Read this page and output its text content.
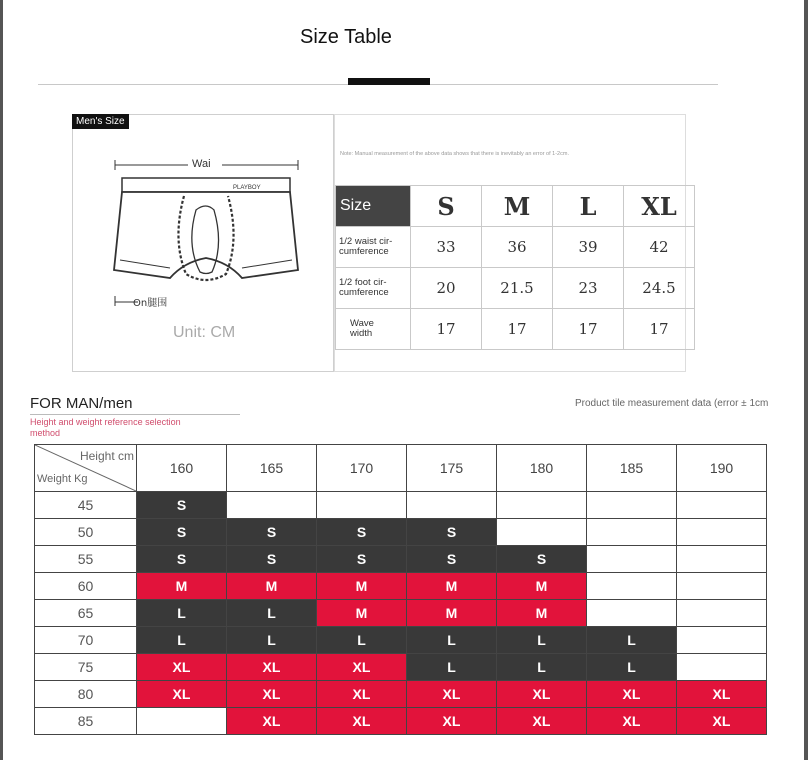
Size Table
Men's Size
Wai
PLAYBOY
On腿围
Unit: CM
Note: Manual measurement of the above data shows that there is inevitably an error of 1-2cm.
Size	S	M	L	XL
1/2 waist cir-
cumference	33	36	39	42
1/2 foot cir-
cumference	20	21.5	23	24.5
Wave
width	17	17	17	17
FOR MAN/men
Height and weight reference selection method
Product tile measurement data (error ± 1cm
Height cm
Weight Kg	160	165	170	175	180	185	190
45	S						
50	S	S	S	S			
55	S	S	S	S	S		
60	M	M	M	M	M		
65	L	L	M	M	M		
70	L	L	L	L	L	L	
75	XL	XL	XL	L	L	L	
80	XL	XL	XL	XL	XL	XL	XL
85		XL	XL	XL	XL	XL	XL
